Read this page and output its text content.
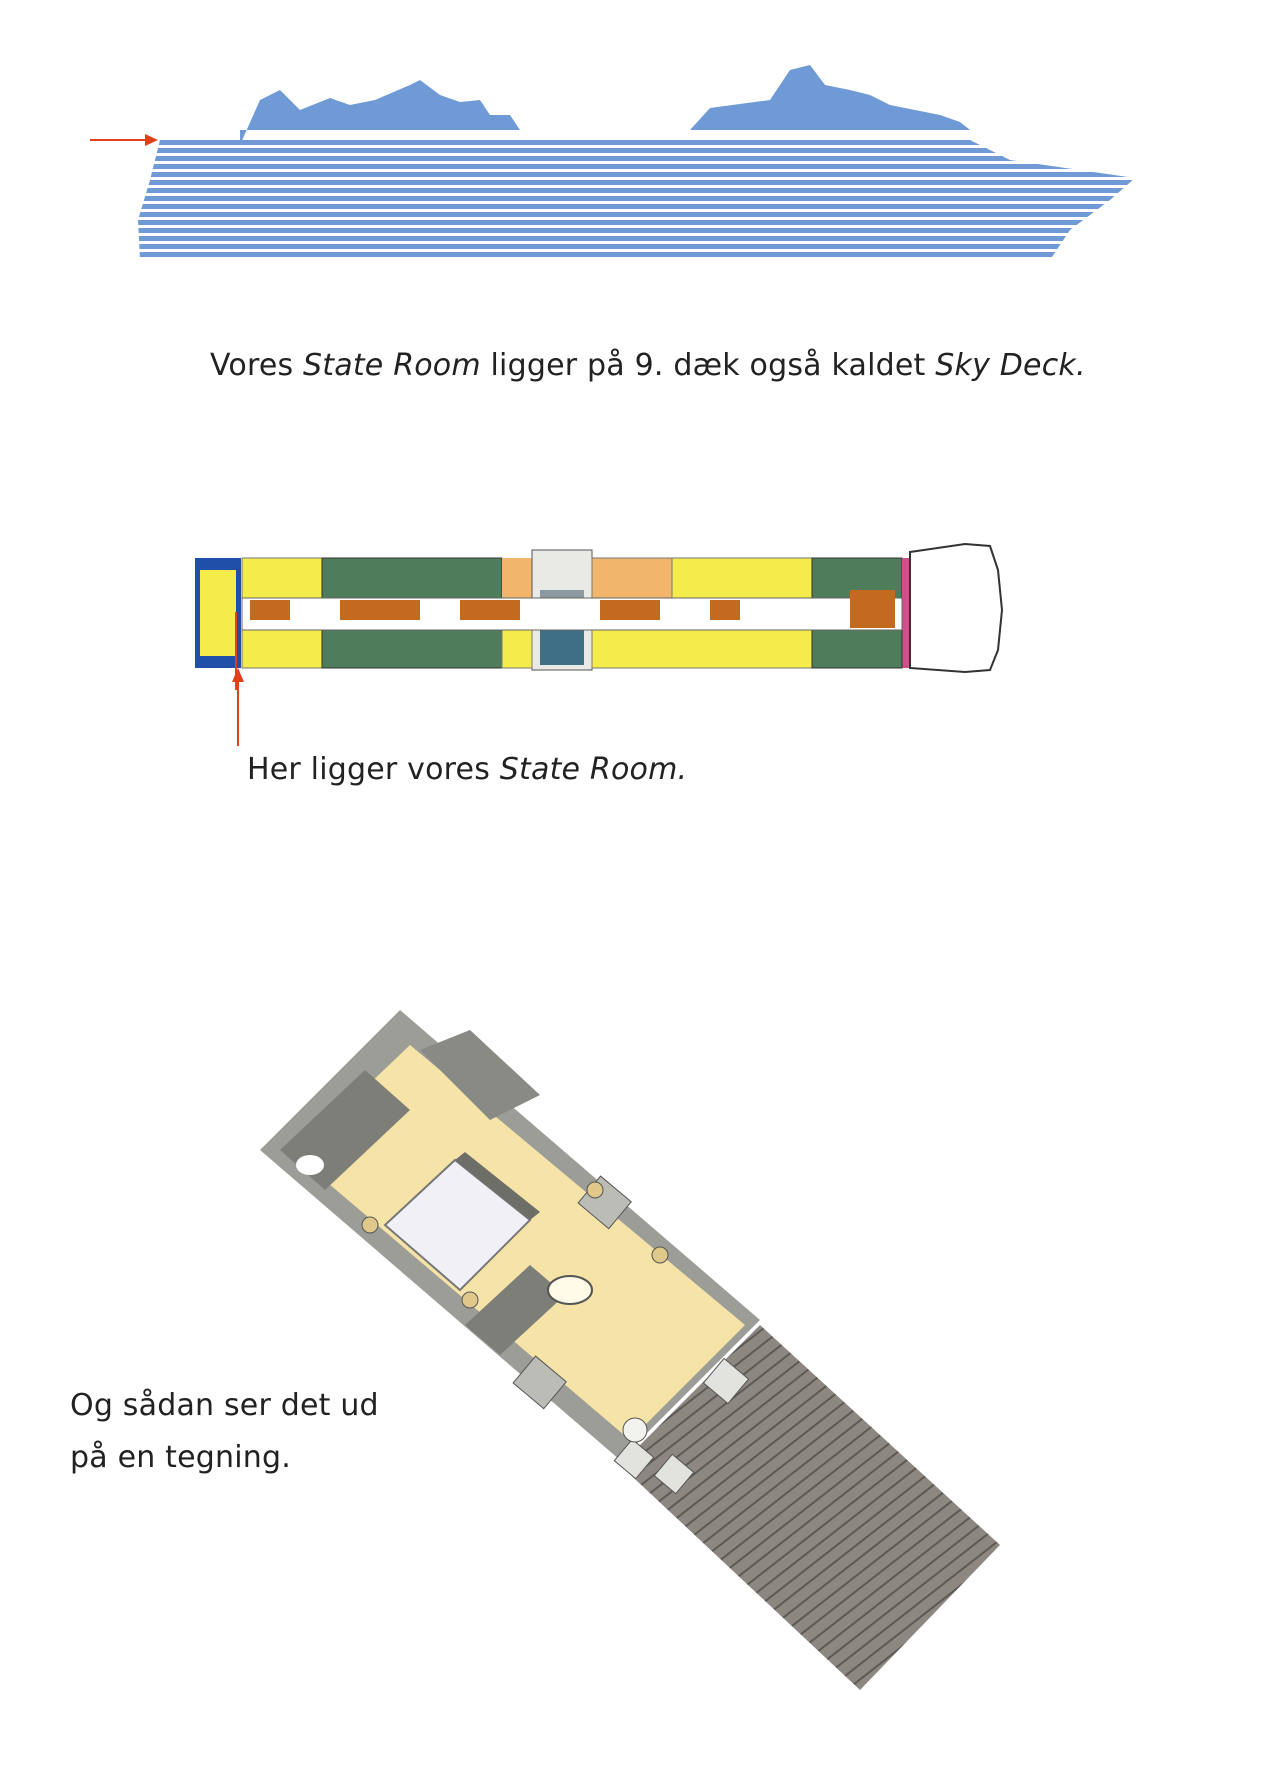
Vores State Room ligger på 9. dæk også kaldet Sky Deck.
Her ligger vores State Room.
Og sådan ser det ud
på en tegning.
